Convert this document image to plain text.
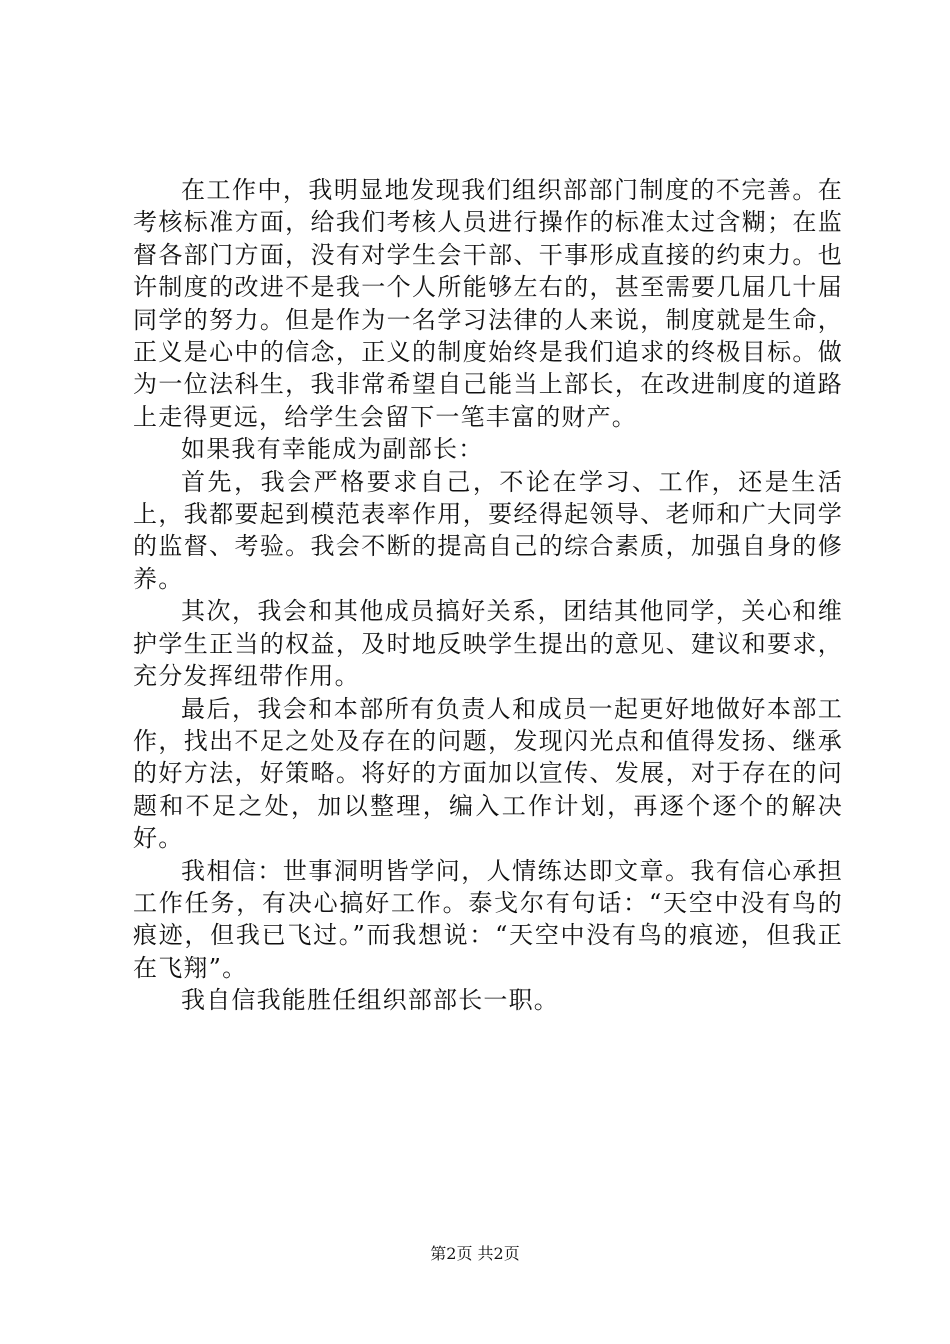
在工作中，我明显地发现我们组织部部门制度的不完善。在考核标准方面，给我们考核人员进行操作的标准太过含糊；在监督各部门方面，没有对学生会干部、干事形成直接的约束力。也许制度的改进不是我一个人所能够左右的，甚至需要几届几十届同学的努力。但是作为一名学习法律的人来说，制度就是生命，正义是心中的信念，正义的制度始终是我们追求的终极目标。做为一位法科生，我非常希望自己能当上部长，在改进制度的道路上走得更远，给学生会留下一笔丰富的财产。

如果我有幸能成为副部长：

首先，我会严格要求自己，不论在学习、工作，还是生活上，我都要起到模范表率作用，要经得起领导、老师和广大同学的监督、考验。我会不断的提高自己的综合素质，加强自身的修养。

其次，我会和其他成员搞好关系，团结其他同学，关心和维护学生正当的权益，及时地反映学生提出的意见、建议和要求，充分发挥纽带作用。

最后，我会和本部所有负责人和成员一起更好地做好本部工作，找出不足之处及存在的问题，发现闪光点和值得发扬、继承的好方法，好策略。将好的方面加以宣传、发展，对于存在的问题和不足之处，加以整理，编入工作计划，再逐个逐个的解决好。

我相信：世事洞明皆学问，人情练达即文章。我有信心承担工作任务，有决心搞好工作。泰戈尔有句话：“天空中没有鸟的痕迹，但我已飞过。”而我想说：“天空中没有鸟的痕迹，但我正在飞翔”。

我自信我能胜任组织部部长一职。

第2页 共2页
